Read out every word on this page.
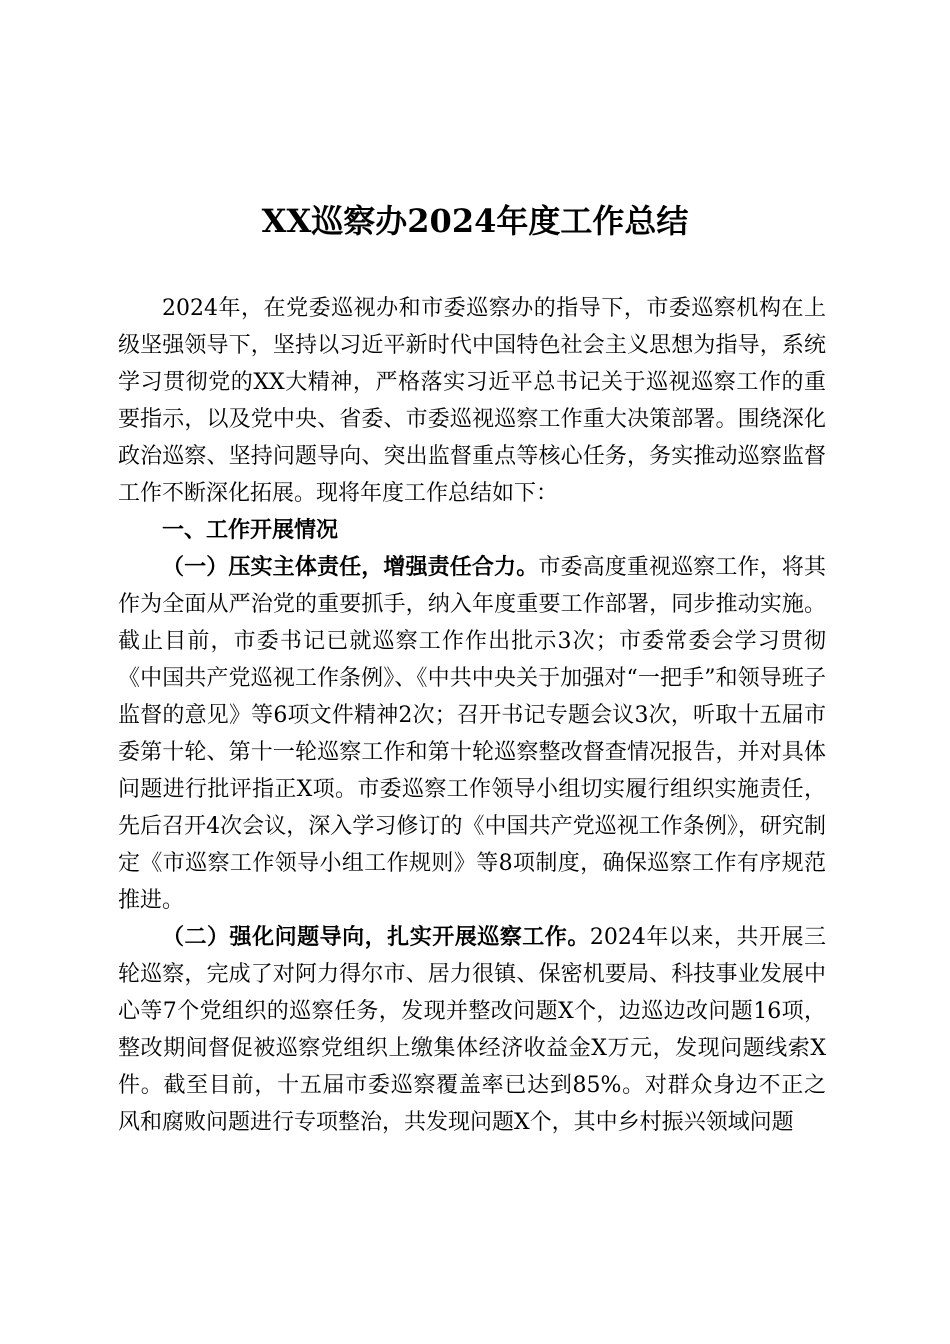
XX巡察办2024年度工作总结

2024年，在党委巡视办和市委巡察办的指导下，市委巡察机构在上级坚强领导下，坚持以习近平新时代中国特色社会主义思想为指导，系统学习贯彻党的XX大精神，严格落实习近平总书记关于巡视巡察工作的重要指示，以及党中央、省委、市委巡视巡察工作重大决策部署。围绕深化政治巡察、坚持问题导向、突出监督重点等核心任务，务实推动巡察监督工作不断深化拓展。现将年度工作总结如下：

一、工作开展情况

（一）压实主体责任，增强责任合力。市委高度重视巡察工作，将其作为全面从严治党的重要抓手，纳入年度重要工作部署，同步推动实施。截止目前，市委书记已就巡察工作作出批示3次；市委常委会学习贯彻《中国共产党巡视工作条例》、《中共中央关于加强对“一把手”和领导班子监督的意见》等6项文件精神2次；召开书记专题会议3次，听取十五届市委第十轮、第十一轮巡察工作和第十轮巡察整改督查情况报告，并对具体问题进行批评指正X项。市委巡察工作领导小组切实履行组织实施责任，先后召开4次会议，深入学习修订的《中国共产党巡视工作条例》，研究制定《市巡察工作领导小组工作规则》等8项制度，确保巡察工作有序规范推进。

（二）强化问题导向，扎实开展巡察工作。2024年以来，共开展三轮巡察，完成了对阿力得尔市、居力很镇、保密机要局、科技事业发展中心等7个党组织的巡察任务，发现并整改问题X个，边巡边改问题16项，整改期间督促被巡察党组织上缴集体经济收益金X万元，发现问题线索X件。截至目前，十五届市委巡察覆盖率已达到85%。对群众身边不正之风和腐败问题进行专项整治，共发现问题X个，其中乡村振兴领域问题
